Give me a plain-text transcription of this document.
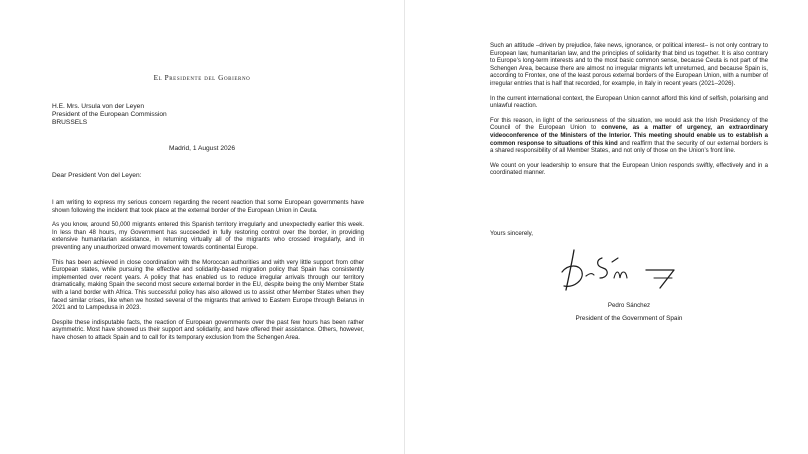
El Presidente del Gobierno
H.E. Mrs. Ursula von der Leyen
President of the European Commission
BRUSSELS
Madrid, 1 August 2026
Dear President Von del Leyen:

I am writing to express my serious concern regarding the recent reaction that some European governments have shown following the incident that took place at the external border of the European Union in Ceuta.

As you know, around 50,000 migrants entered this Spanish territory irregularly and unexpectedly earlier this week. In less than 48 hours, my Government has succeeded in fully restoring control over the border, in providing extensive humanitarian assistance, in returning virtually all of the migrants who crossed irregularly, and in preventing any unauthorized onward movement towards continental Europe.

This has been achieved in close coordination with the Moroccan authorities and with very little support from other European states, while pursuing the effective and solidarity-based migration policy that Spain has consistently implemented over recent years. A policy that has enabled us to reduce irregular arrivals through our territory dramatically, making Spain the second most secure external border in the EU, despite being the only Member State with a land border with Africa. This successful policy has also allowed us to assist other Member States when they faced similar crises, like when we hosted several of the migrants that arrived to Eastern Europe through Belarus in 2021 and to Lampedusa in 2023.

Despite these indisputable facts, the reaction of European governments over the past few hours has been rather asymmetric. Most have showed us their support and solidarity, and have offered their assistance. Others, however, have chosen to attack Spain and to call for its temporary exclusion from the Schengen Area.

Such an attitude –driven by prejudice, fake news, ignorance, or political interest– is not only contrary to European law, humanitarian law, and the principles of solidarity that bind us together. It is also contrary to Europe’s long-term interests and to the most basic common sense, because Ceuta is not part of the Schengen Area, because there are almost no irregular migrants left unreturned, and because Spain is, according to Frontex, one of the least porous external borders of the European Union, with a number of irregular entries that is half that recorded, for example, in Italy in recent years (2021–2026).

In the current international context, the European Union cannot afford this kind of selfish, polarising and unlawful reaction.

For this reason, in light of the seriousness of the situation, we would ask the Irish Presidency of the Council of the European Union to convene, as a matter of urgency, an extraordinary videoconference of the Ministers of the Interior. This meeting should enable us to establish a common response to situations of this kind and reaffirm that the security of our external borders is a shared responsibility of all Member States, and not only of those on the Union’s front line.

We count on your leadership to ensure that the European Union responds swiftly, effectively and in a coordinated manner.

Yours sincerely,
Pedro Sánchez
President of the Government of Spain
